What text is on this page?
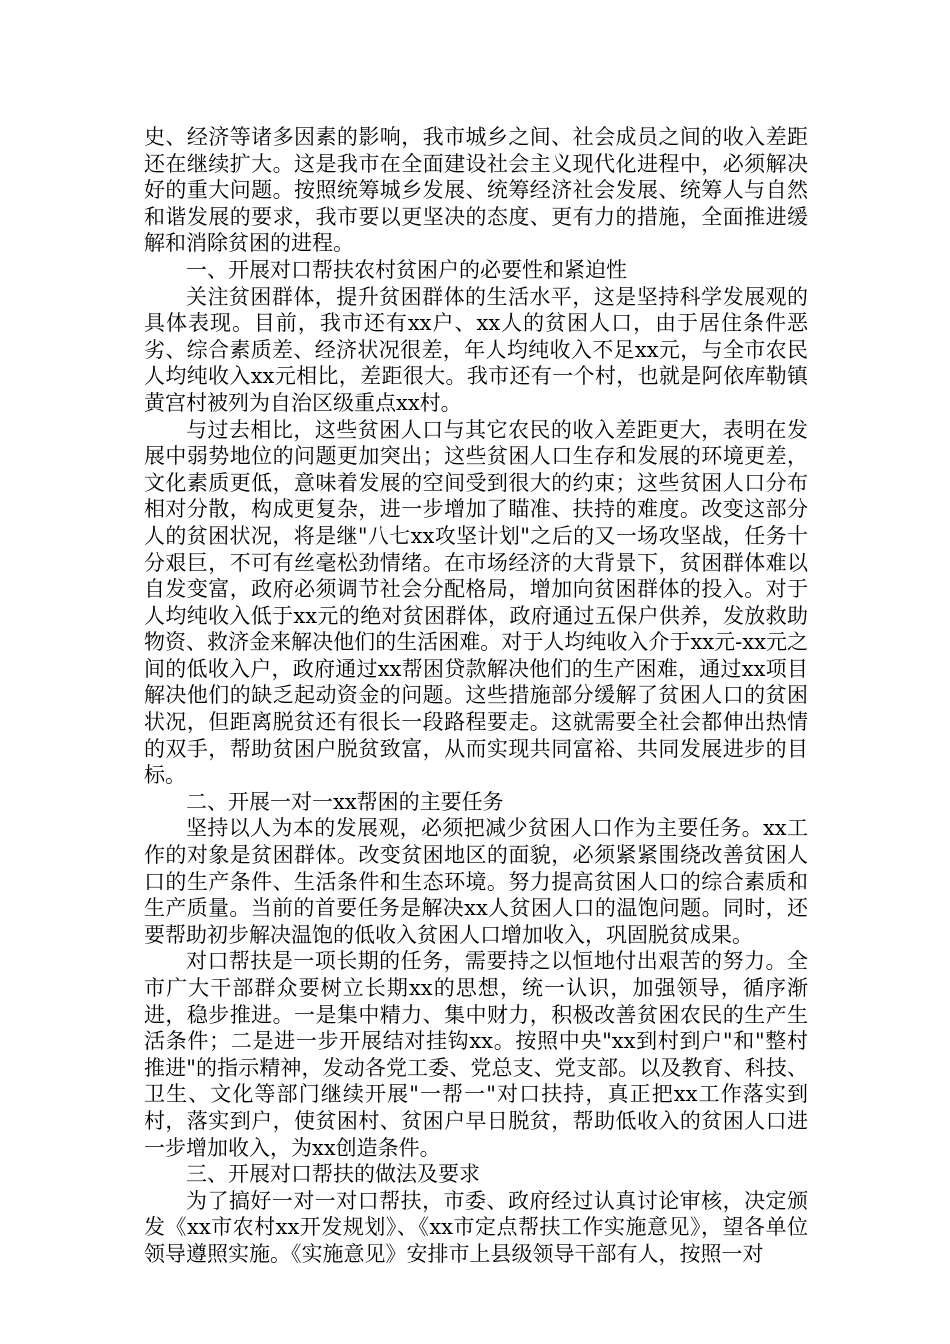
史、经济等诸多因素的影响，我市城乡之间、社会成员之间的收入差距还在继续扩大。这是我市在全面建设社会主义现代化进程中，必须解决好的重大问题。按照统筹城乡发展、统筹经济社会发展、统筹人与自然和谐发展的要求，我市要以更坚决的态度、更有力的措施，全面推进缓解和消除贫困的进程。

一、开展对口帮扶农村贫困户的必要性和紧迫性

关注贫困群体，提升贫困群体的生活水平，这是坚持科学发展观的具体表现。目前，我市还有xx户、xx人的贫困人口，由于居住条件恶劣、综合素质差、经济状况很差，年人均纯收入不足xx元，与全市农民人均纯收入xx元相比，差距很大。我市还有一个村，也就是阿依库勒镇黄宫村被列为自治区级重点xx村。

与过去相比，这些贫困人口与其它农民的收入差距更大，表明在发展中弱势地位的问题更加突出；这些贫困人口生存和发展的环境更差，文化素质更低，意味着发展的空间受到很大的约束；这些贫困人口分布相对分散，构成更复杂，进一步增加了瞄准、扶持的难度。改变这部分人的贫困状况，将是继"八七xx攻坚计划"之后的又一场攻坚战，任务十分艰巨，不可有丝毫松劲情绪。在市场经济的大背景下，贫困群体难以自发变富，政府必须调节社会分配格局，增加向贫困群体的投入。对于人均纯收入低于xx元的绝对贫困群体，政府通过五保户供养，发放救助物资、救济金来解决他们的生活困难。对于人均纯收入介于xx元-xx元之间的低收入户，政府通过xx帮困贷款解决他们的生产困难，通过xx项目解决他们的缺乏起动资金的问题。这些措施部分缓解了贫困人口的贫困状况，但距离脱贫还有很长一段路程要走。这就需要全社会都伸出热情的双手，帮助贫困户脱贫致富，从而实现共同富裕、共同发展进步的目标。

二、开展一对一xx帮困的主要任务

坚持以人为本的发展观，必须把减少贫困人口作为主要任务。xx工作的对象是贫困群体。改变贫困地区的面貌，必须紧紧围绕改善贫困人口的生产条件、生活条件和生态环境。努力提高贫困人口的综合素质和生产质量。当前的首要任务是解决xx人贫困人口的温饱问题。同时，还要帮助初步解决温饱的低收入贫困人口增加收入，巩固脱贫成果。

对口帮扶是一项长期的任务，需要持之以恒地付出艰苦的努力。全市广大干部群众要树立长期xx的思想，统一认识，加强领导，循序渐进，稳步推进。一是集中精力、集中财力，积极改善贫困农民的生产生活条件；二是进一步开展结对挂钩xx。按照中央"xx到村到户"和"整村推进"的指示精神，发动各党工委、党总支、党支部。以及教育、科技、卫生、文化等部门继续开展"一帮一"对口扶持，真正把xx工作落实到村，落实到户，使贫困村、贫困户早日脱贫，帮助低收入的贫困人口进一步增加收入，为xx创造条件。

三、开展对口帮扶的做法及要求

为了搞好一对一对口帮扶，市委、政府经过认真讨论审核，决定颁发《xx市农村xx开发规划》、《xx市定点帮扶工作实施意见》，望各单位领导遵照实施。《实施意见》安排市上县级领导干部有人，按照一对
